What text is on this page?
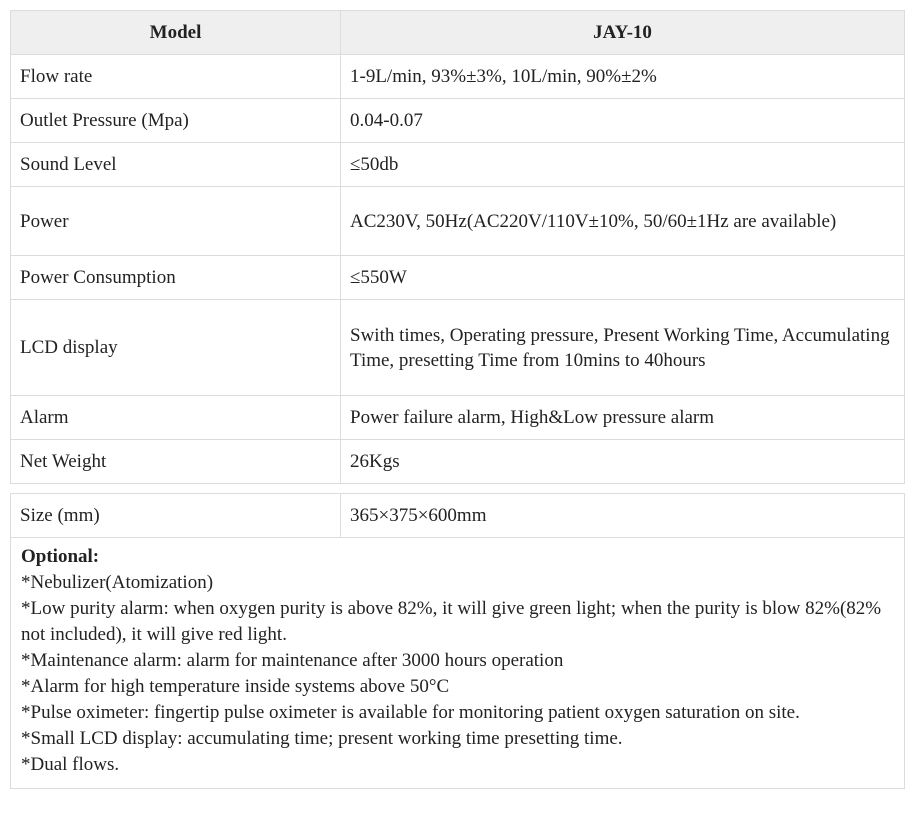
Model	JAY-10
Flow rate	1-9L/min, 93%±3%, 10L/min, 90%±2%
Outlet Pressure (Mpa)	0.04-0.07
Sound Level	≤50db
Power	AC230V, 50Hz(AC220V/110V±10%, 50/60±1Hz are available)
Power Consumption	≤550W
LCD display	Swith times, Operating pressure, Present Working Time, Accumulating Time, presetting Time from 10mins to 40hours
Alarm	Power failure alarm, High&Low pressure alarm
Net Weight	26Kgs
Size (mm)	365×375×600mm

Optional:
*Nebulizer(Atomization)
*Low purity alarm: when oxygen purity is above 82%, it will give green light; when the purity is blow 82%(82% not included), it will give red light.
*Maintenance alarm: alarm for maintenance after 3000 hours operation
*Alarm for high temperature inside systems above 50°C
*Pulse oximeter: fingertip pulse oximeter is available for monitoring patient oxygen saturation on site.
*Small LCD display: accumulating time; present working time presetting time.
*Dual flows.
